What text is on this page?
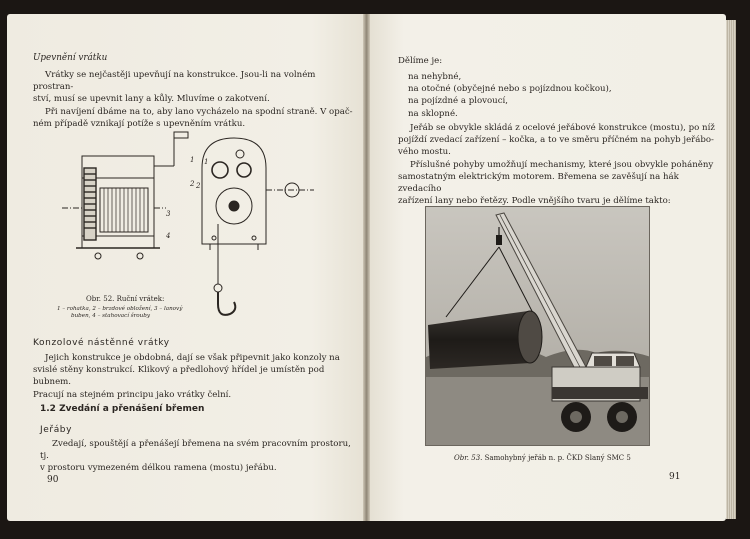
Upevnění vrátku
Vrátky se nejčastěji upevňují na konstrukce. Jsou-li na volném prostran-
ství, musí se upevnit lany a kůly. Mluvíme o zakotvení.
Při navíjení dbáme na to, aby lano vycházelo na spodní straně. V opač-
ném případě vznikají potíže s upevněním vrátku.
1
2
3
4
1
2
Obr. 52. Ruční vrátek:
1 – rohatka, 2 – brzdové obložení, 3 – lanový
buben, 4 – stahovací šrouby
Konzolové nástěnné vrátky
Jejich konstrukce je obdobná, dají se však připevnit jako konzoly na
svislé stěny konstrukcí. Klikový a předlohový hřídel je umístěn pod bubnem.
Pracují na stejném principu jako vrátky čelní.
1.2 Zvedání a přenášení břemen
Jeřáby
Zvedají, spouštějí a přenášejí břemena na svém pracovním prostoru, tj.
v prostoru vymezeném délkou ramena (mostu) jeřábu.
90
Dělíme je:
na nehybné,
na otočné (obyčejné nebo s pojízdnou kočkou),
na pojízdné a plovoucí,
na sklopné.
Jeřáb se obvykle skládá z ocelové jeřábové konstrukce (mostu), po níž
pojíždí zvedací zařízení – kočka, a to ve směru příčném na pohyb jeřábo-
vého mostu.
Příslušné pohyby umožňují mechanismy, které jsou obvykle poháněny
samostatným elektrickým motorem. Břemena se zavěšují na hák zvedacího
zařízení lany nebo řetězy. Podle vnějšího tvaru je dělíme takto:
Obr. 53. Samohybný jeřáb n. p. ČKD Slaný SMC 5
91
